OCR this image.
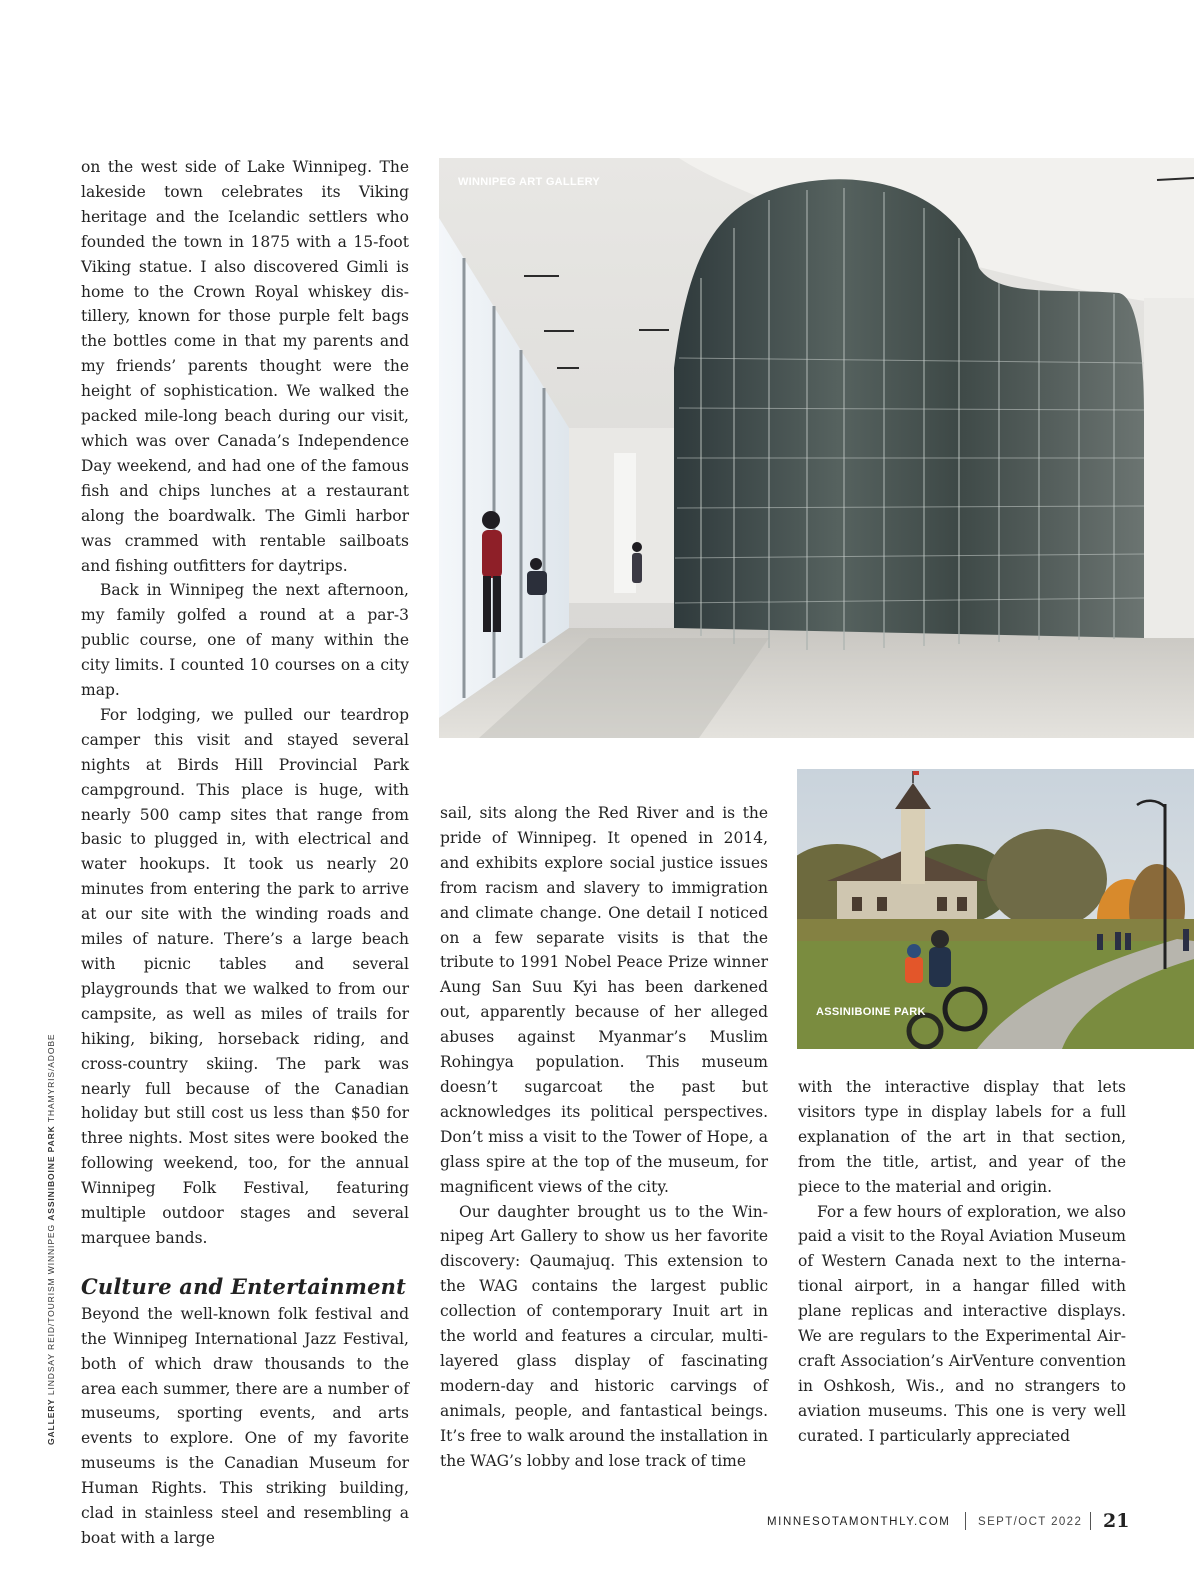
GALLERY LINDSAY REID/TOURISM WINNIPEG ASSINIBOINE PARK THAMYRIS/ADOBE

on the west side of Lake Winnipeg. The lakeside town celebrates its Viking heritage and the Icelandic settlers who founded the town in 1875 with a 15-foot Viking statue. I also discovered Gimli is home to the Crown Royal whiskey distillery, known for those purple felt bags the bottles come in that my parents and my friends’ parents thought were the height of sophistication. We walked the packed mile-long beach during our visit, which was over Canada’s Independence Day weekend, and had one of the famous fish and chips lunches at a restaurant along the boardwalk. The Gimli harbor was crammed with rentable sailboats and fishing outfitters for daytrips.

Back in Winnipeg the next afternoon, my family golfed a round at a par-3 public course, one of many within the city limits. I counted 10 courses on a city map.

For lodging, we pulled our teardrop camper this visit and stayed several nights at Birds Hill Provincial Park campground. This place is huge, with nearly 500 camp sites that range from basic to plugged in, with electrical and water hookups. It took us nearly 20 minutes from entering the park to arrive at our site with the winding roads and miles of nature. There’s a large beach with picnic tables and several playgrounds that we walked to from our campsite, as well as miles of trails for hiking, biking, horseback riding, and cross-country skiing. The park was nearly full because of the Canadian holiday but still cost us less than $50 for three nights. Most sites were booked the following weekend, too, for the annual Winnipeg Folk Festival, featuring multiple outdoor stages and several marquee bands.

Culture and Entertainment

Beyond the well-known folk festival and the Winnipeg International Jazz Festival, both of which draw thousands to the area each summer, there are a number of museums, sporting events, and arts events to explore. One of my favorite museums is the Canadian Museum for Human Rights. This striking building, clad in stainless steel and resembling a boat with a large

WINNIPEG ART GALLERY

sail, sits along the Red River and is the pride of Winnipeg. It opened in 2014, and exhibits explore social justice issues from racism and slavery to immigration and climate change. One detail I noticed on a few separate visits is that the tribute to 1991 Nobel Peace Prize winner Aung San Suu Kyi has been darkened out, apparently because of her alleged abuses against Myanmar’s Muslim Rohingya population. This museum doesn’t sugarcoat the past but acknowledges its political perspectives. Don’t miss a visit to the Tower of Hope, a glass spire at the top of the museum, for magnificent views of the city.

Our daughter brought us to the Winnipeg Art Gallery to show us her favorite discovery: Qaumajuq. This extension to the WAG contains the largest public collection of contemporary Inuit art in the world and features a circular, multi-layered glass display of fascinating modern-day and historic carvings of animals, people, and fantastical beings. It’s free to walk around the installation in the WAG’s lobby and lose track of time

ASSINIBOINE PARK

with the interactive display that lets visitors type in display labels for a full explanation of the art in that section, from the title, artist, and year of the piece to the material and origin.

For a few hours of exploration, we also paid a visit to the Royal Aviation Museum of Western Canada next to the international airport, in a hangar filled with plane replicas and interactive displays. We are regulars to the Experimental Aircraft Association’s AirVenture convention in Oshkosh, Wis., and no strangers to aviation museums. This one is very well curated. I particularly appreciated

MINNESOTAMONTHLY.COM SEPT/OCT 2022 21
